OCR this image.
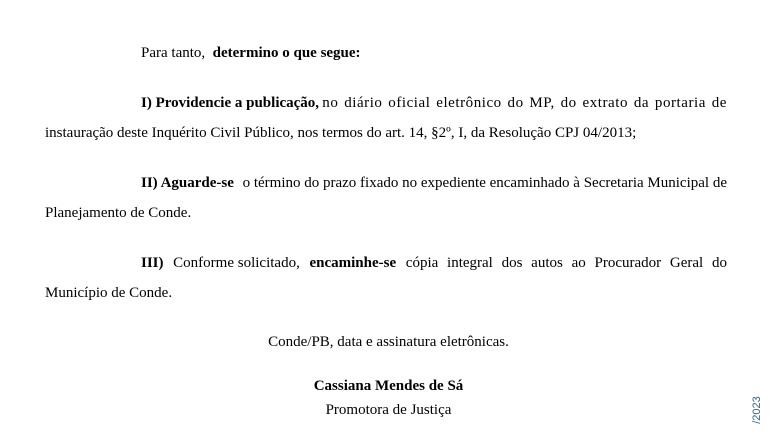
Para tanto, determino o que segue:
I) Providencie a publicação, no diário oficial eletrônico do MP, do extrato da portaria de
instauração deste Inquérito Civil Público, nos termos do art. 14, §2º, I, da Resolução CPJ 04/2013;
II) Aguarde-se o término do prazo fixado no expediente encaminhado à Secretaria Municipal de
Planejamento de Conde.
III) Conforme solicitado, encaminhe-se cópia integral dos autos ao Procurador Geral do
Município de Conde.
Conde/PB, data e assinatura eletrônicas.
Cassiana Mendes de Sá
Promotora de Justiça	/2023
